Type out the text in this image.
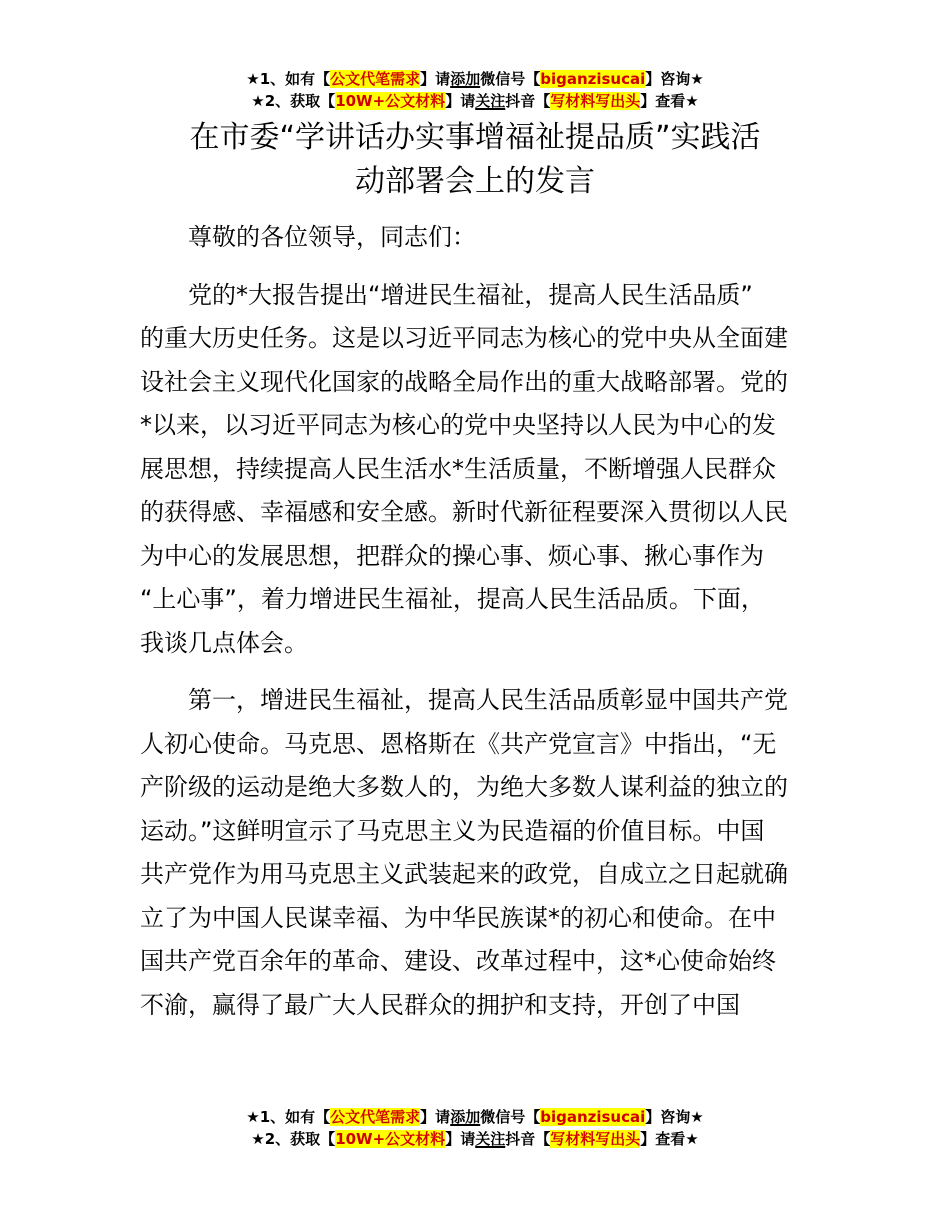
★1、如有【公文代笔需求】请添加微信号【biganzisucai】咨询★
★2、获取【10W+公文材料】请关注抖音【写材料写出头】查看★
在市委“学讲话办实事增福祉提品质”实践活
动部署会上的发言
　　尊敬的各位领导，同志们：
　　党的*大报告提出“增进民生福祉，提高人民生活品质”
的重大历史任务。这是以习近平同志为核心的党中央从全面建
设社会主义现代化国家的战略全局作出的重大战略部署。党的
*以来，以习近平同志为核心的党中央坚持以人民为中心的发
展思想，持续提高人民生活水*生活质量，不断增强人民群众
的获得感、幸福感和安全感。新时代新征程要深入贯彻以人民
为中心的发展思想，把群众的操心事、烦心事、揪心事作为
“上心事”，着力增进民生福祉，提高人民生活品质。下面，
我谈几点体会。
　　第一，增进民生福祉，提高人民生活品质彰显中国共产党
人初心使命。马克思、恩格斯在《共产党宣言》中指出，“无
产阶级的运动是绝大多数人的，为绝大多数人谋利益的独立的
运动。”这鲜明宣示了马克思主义为民造福的价值目标。中国
共产党作为用马克思主义武装起来的政党，自成立之日起就确
立了为中国人民谋幸福、为中华民族谋*的初心和使命。在中
国共产党百余年的革命、建设、改革过程中，这*心使命始终
不渝，赢得了最广大人民群众的拥护和支持，开创了中国
★1、如有【公文代笔需求】请添加微信号【biganzisucai】咨询★
★2、获取【10W+公文材料】请关注抖音【写材料写出头】查看★
